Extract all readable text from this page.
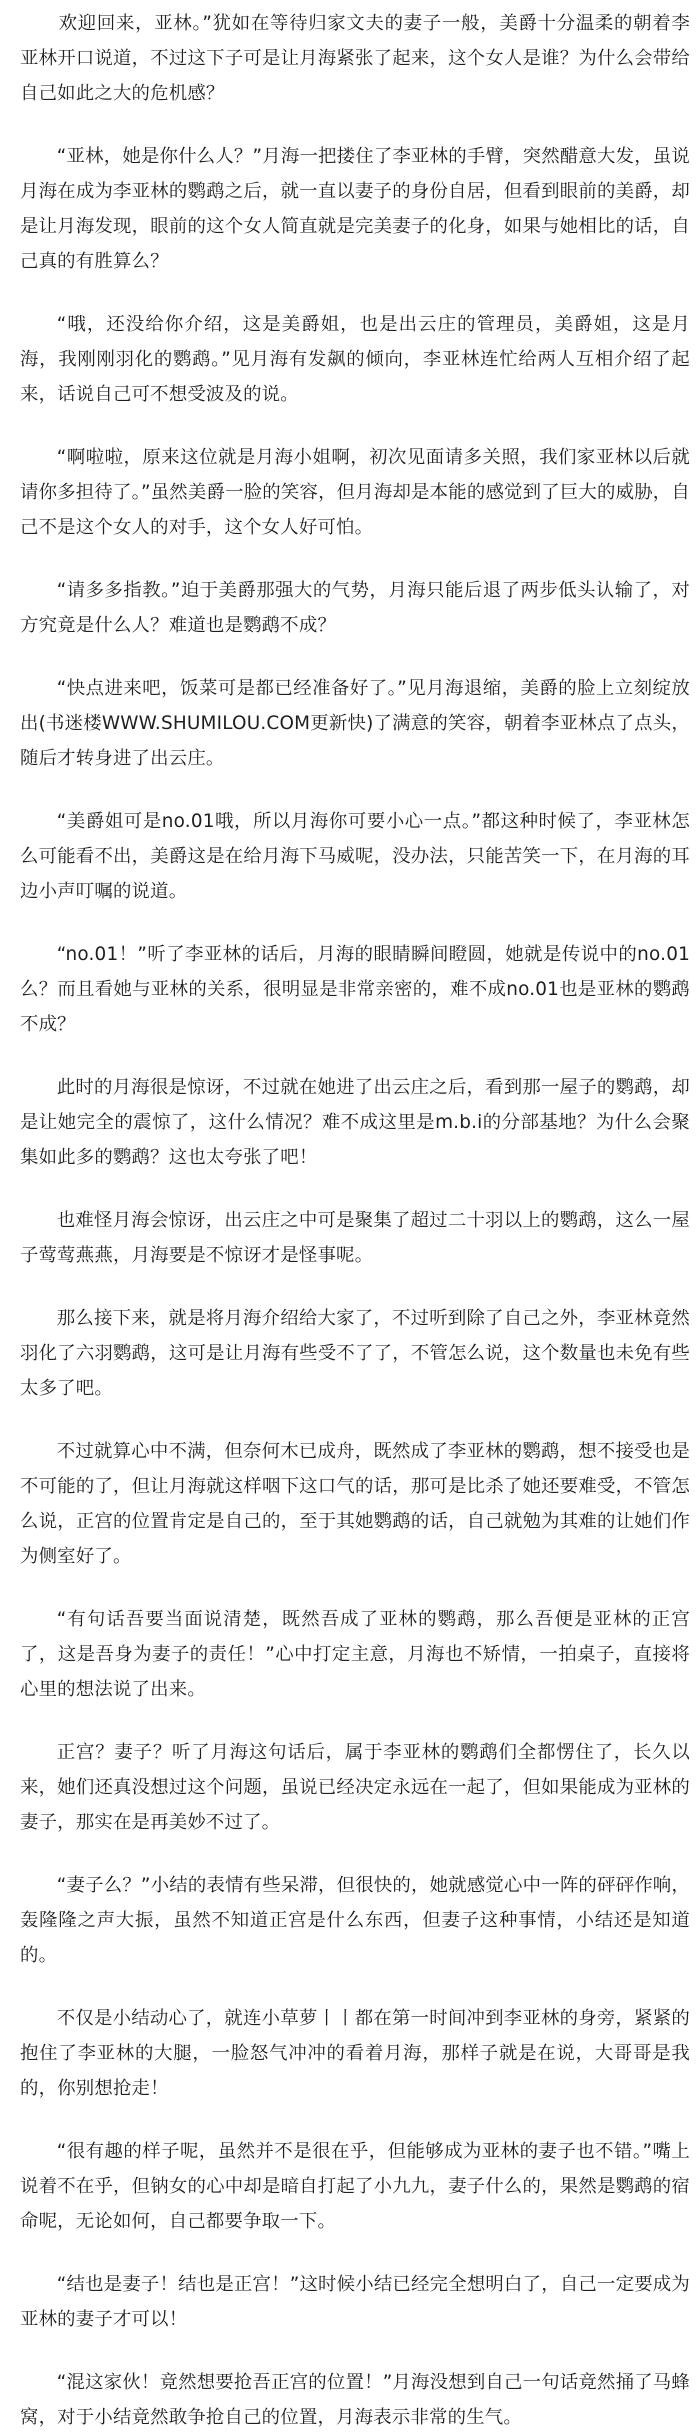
欢迎回来，亚林。”犹如在等待归家文夫的妻子一般，美爵十分温柔的朝着李亚林开口说道，不过这下子可是让月海紧张了起来，这个女人是谁？为什么会带给自己如此之大的危机感？

“亚林，她是你什么人？”月海一把搂住了李亚林的手臂，突然醋意大发，虽说月海在成为李亚林的鹦鹉之后，就一直以妻子的身份自居，但看到眼前的美爵，却是让月海发现，眼前的这个女人简直就是完美妻子的化身，如果与她相比的话，自己真的有胜算么？

“哦，还没给你介绍，这是美爵姐，也是出云庄的管理员，美爵姐，这是月海，我刚刚羽化的鹦鹉。”见月海有发飙的倾向，李亚林连忙给两人互相介绍了起来，话说自己可不想受波及的说。

“啊啦啦，原来这位就是月海小姐啊，初次见面请多关照，我们家亚林以后就请你多担待了。”虽然美爵一脸的笑容，但月海却是本能的感觉到了巨大的威胁，自己不是这个女人的对手，这个女人好可怕。

“请多多指教。”迫于美爵那强大的气势，月海只能后退了两步低头认输了，对方究竟是什么人？难道也是鹦鹉不成？

“快点进来吧，饭菜可是都已经准备好了。”见月海退缩，美爵的脸上立刻绽放出(书迷楼WWW.SHUMILOU.COM更新快)了满意的笑容，朝着李亚林点了点头，随后才转身进了出云庄。

“美爵姐可是no.01哦，所以月海你可要小心一点。”都这种时候了，李亚林怎么可能看不出，美爵这是在给月海下马威呢，没办法，只能苦笑一下，在月海的耳边小声叮嘱的说道。

“no.01！”听了李亚林的话后，月海的眼睛瞬间瞪圆，她就是传说中的no.01么？而且看她与亚林的关系，很明显是非常亲密的，难不成no.01也是亚林的鹦鹉不成？

此时的月海很是惊讶，不过就在她进了出云庄之后，看到那一屋子的鹦鹉，却是让她完全的震惊了，这什么情况？难不成这里是m.b.i的分部基地？为什么会聚集如此多的鹦鹉？这也太夸张了吧！

也难怪月海会惊讶，出云庄之中可是聚集了超过二十羽以上的鹦鹉，这么一屋子莺莺燕燕，月海要是不惊讶才是怪事呢。

那么接下来，就是将月海介绍给大家了，不过听到除了自己之外，李亚林竟然羽化了六羽鹦鹉，这可是让月海有些受不了了，不管怎么说，这个数量也未免有些太多了吧。

不过就算心中不满，但奈何木已成舟，既然成了李亚林的鹦鹉，想不接受也是不可能的了，但让月海就这样咽下这口气的话，那可是比杀了她还要难受，不管怎么说，正宫的位置肯定是自己的，至于其她鹦鹉的话，自己就勉为其难的让她们作为侧室好了。

“有句话吾要当面说清楚，既然吾成了亚林的鹦鹉，那么吾便是亚林的正宫了，这是吾身为妻子的责任！”心中打定主意，月海也不矫情，一拍桌子，直接将心里的想法说了出来。

正宫？妻子？听了月海这句话后，属于李亚林的鹦鹉们全都愣住了，长久以来，她们还真没想过这个问题，虽说已经决定永远在一起了，但如果能成为亚林的妻子，那实在是再美妙不过了。

“妻子么？”小结的表情有些呆滞，但很快的，她就感觉心中一阵的砰砰作响，轰隆隆之声大振，虽然不知道正宫是什么东西，但妻子这种事情，小结还是知道的。

不仅是小结动心了，就连小草萝丨丨都在第一时间冲到李亚林的身旁，紧紧的抱住了李亚林的大腿，一脸怒气冲冲的看着月海，那样子就是在说，大哥哥是我的，你别想抢走！

“很有趣的样子呢，虽然并不是很在乎，但能够成为亚林的妻子也不错。”嘴上说着不在乎，但钠女的心中却是暗自打起了小九九，妻子什么的，果然是鹦鹉的宿命呢，无论如何，自己都要争取一下。

“结也是妻子！结也是正宫！”这时候小结已经完全想明白了，自己一定要成为亚林的妻子才可以！

“混这家伙！竟然想要抢吾正宫的位置！”月海没想到自己一句话竟然捅了马蜂窝，对于小结竟然敢争抢自己的位置，月海表示非常的生气。
